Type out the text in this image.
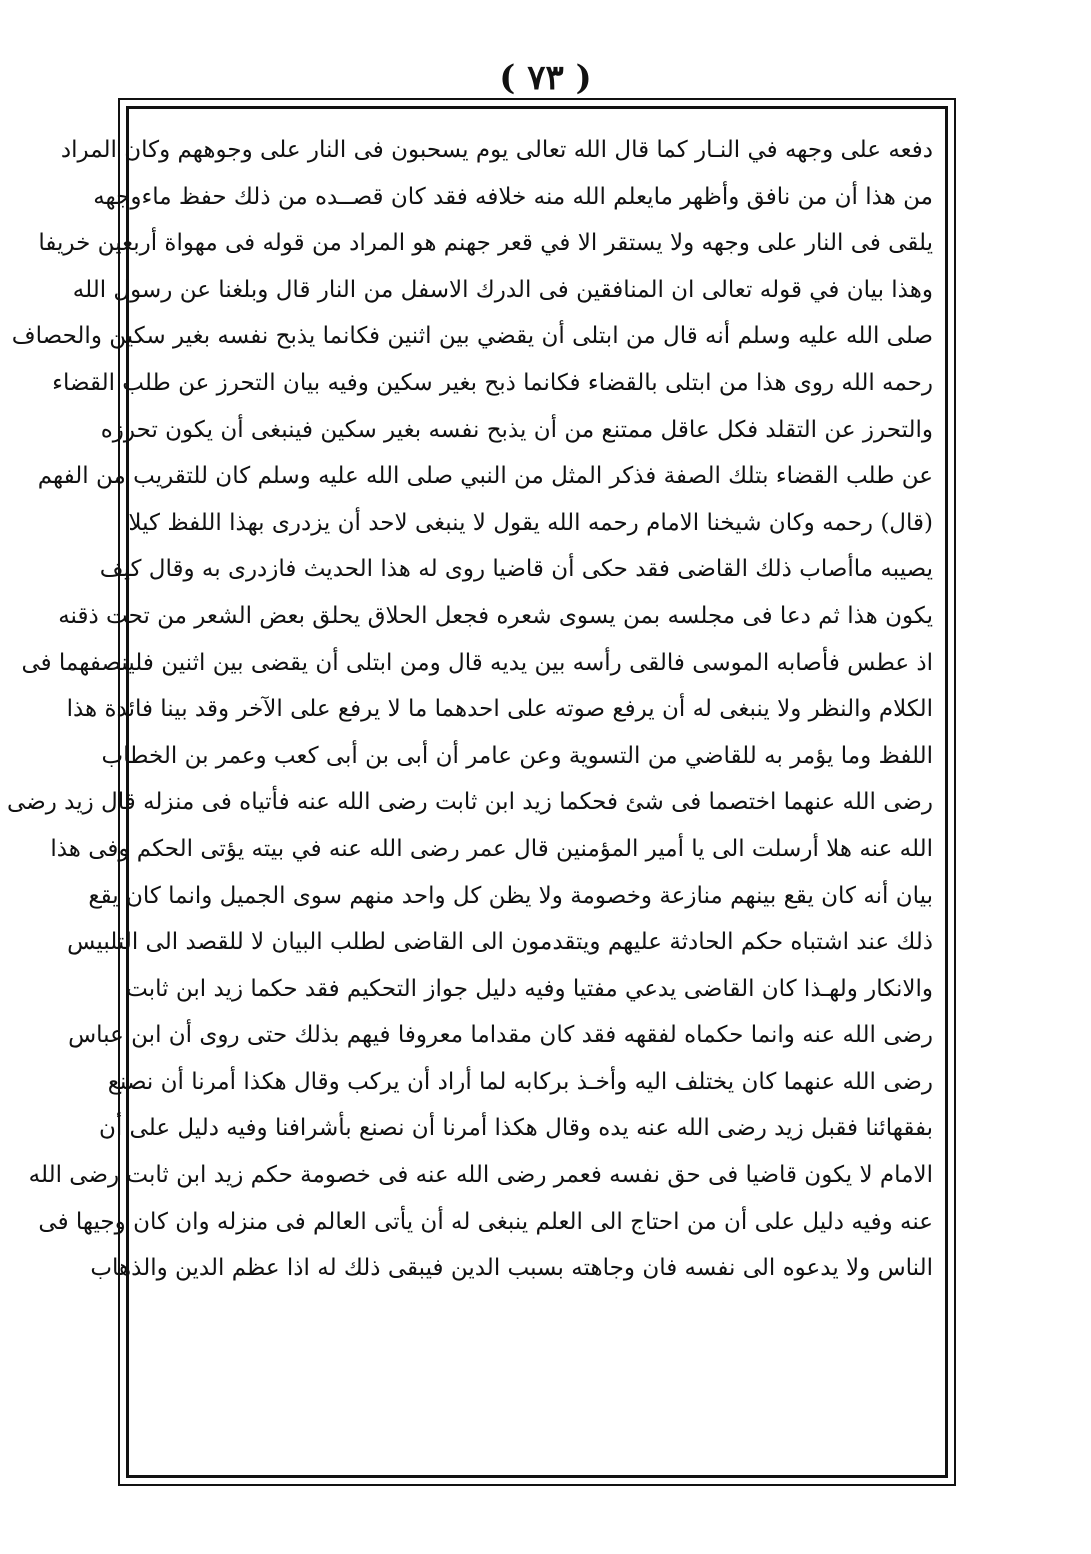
( ٧٣ )
دفعه على وجهه في النـار كما قال الله تعالى يوم يسحبون فى النار على وجوههم وكان المراد
من هذا أن من نافق وأظهر مايعلم الله منه خلافه فقد كان قصــده من ذلك حفظ ماءوجهه
يلقى فى النار على وجهه ولا يستقر الا في قعر جهنم هو المراد من قوله فى مهواة أربعين خريفا
وهذا بيان في قوله تعالى ان المنافقين فى الدرك الاسفل من النار قال وبلغنا عن رسول الله
صلى الله عليه وسلم أنه قال من ابتلى أن يقضي بين اثنين فكانما يذبح نفسه بغير سكين والحصاف
رحمه الله روى هذا من ابتلى بالقضاء فكانما ذبح بغير سكين وفيه بيان التحرز عن طلب القضاء
والتحرز عن التقلد فكل عاقل ممتنع من أن يذبح نفسه بغير سكين فينبغى أن يكون تحرزه
عن طلب القضاء بتلك الصفة فذكر المثل من النبي صلى الله عليه وسلم كان للتقريب من الفهم
(قال) رحمه وكان شيخنا الامام رحمه الله يقول لا ينبغى لاحد أن يزدرى بهذا اللفظ كيلا
يصيبه ماأصاب ذلك القاضى فقد حكى أن قاضيا روى له هذا الحديث فازدرى به وقال كيف
يكون هذا ثم دعا فى مجلسه بمن يسوى شعره فجعل الحلاق يحلق بعض الشعر من تحت ذقنه
اذ عطس فأصابه الموسى فالقى رأسه بين يديه قال ومن ابتلى أن يقضى بين اثنين فلينصفهما فى
الكلام والنظر ولا ينبغى له أن يرفع صوته على احدهما ما لا يرفع على الآخر وقد بينا فائدة هذا
اللفظ وما يؤمر به للقاضي من التسوية وعن عامر أن أبى بن أبى كعب وعمر بن الخطاب
رضى الله عنهما اختصما فى شئ فحكما زيد ابن ثابت رضى الله عنه فأتياه فى منزله قال زيد رضى
الله عنه هلا أرسلت الى يا أمير المؤمنين قال عمر رضى الله عنه في بيته يؤتى الحكم وفى هذا
بيان أنه كان يقع بينهم منازعة وخصومة ولا يظن كل واحد منهم سوى الجميل وانما كان يقع
ذلك عند اشتباه حكم الحادثة عليهم ويتقدمون الى القاضى لطلب البيان لا للقصد الى التلبيس
والانكار ولهـذا كان القاضى يدعي مفتيا وفيه دليل جواز التحكيم فقد حكما زيد ابن ثابت
رضى الله عنه وانما حكماه لفقهه فقد كان مقداما معروفا فيهم بذلك حتى روى أن ابن عباس
رضى الله عنهما كان يختلف اليه وأخـذ بركابه لما أراد أن يركب وقال هكذا أمرنا أن نصنع
بفقهائنا فقبل زيد رضى الله عنه يده وقال هكذا أمرنا أن نصنع بأشرافنا وفيه دليل على أن
الامام لا يكون قاضيا فى حق نفسه فعمر رضى الله عنه فى خصومة حكم زيد ابن ثابت رضى الله
عنه وفيه دليل على أن من احتاج الى العلم ينبغى له أن يأتى العالم فى منزله وان كان وجيها فى
الناس ولا يدعوه الى نفسه فان وجاهته بسبب الدين فيبقى ذلك له اذا عظم الدين والذهاب
